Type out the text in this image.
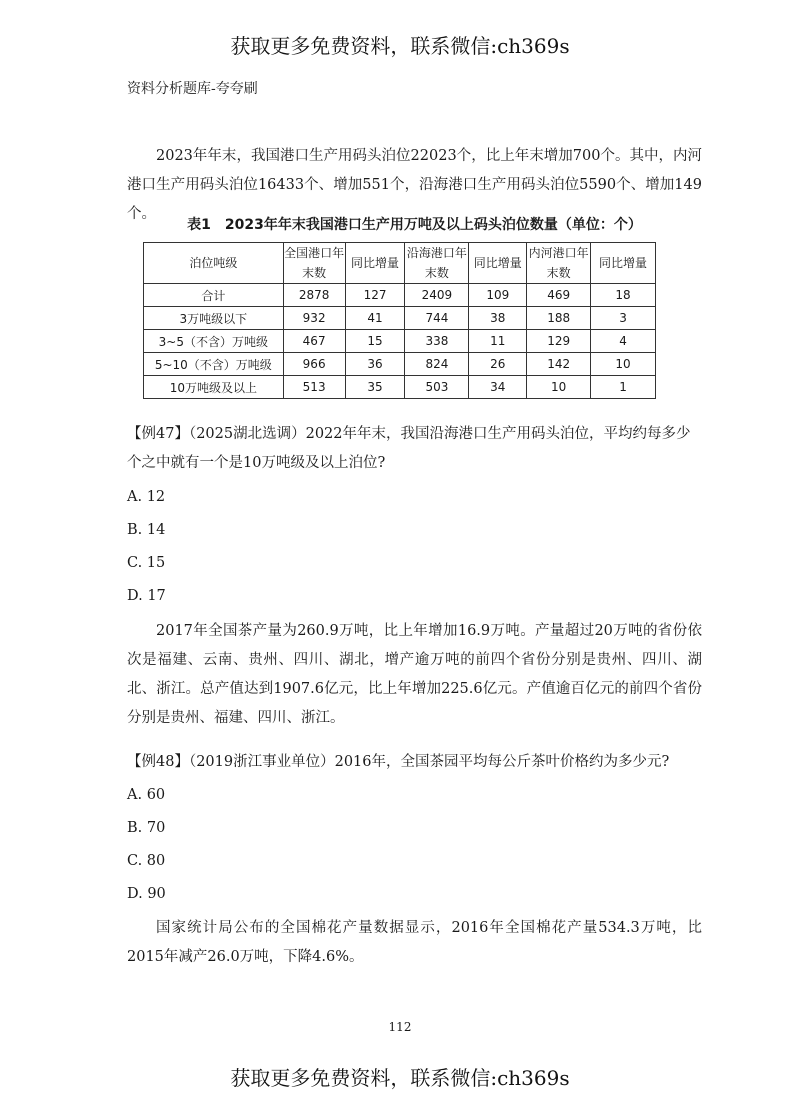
获取更多免费资料，联系微信:ch369s
资料分析题库-夸夸刷

2023年年末，我国港口生产用码头泊位22023个，比上年末增加700个。其中，内河港口生产用码头泊位16433个、增加551个，沿海港口生产用码头泊位5590个、增加149个。

表1　2023年年末我国港口生产用万吨及以上码头泊位数量（单位：个）
泊位吨级	全国港口年末数	同比增量	沿海港口年末数	同比增量	内河港口年末数	同比增量
合计	2878	127	2409	109	469	18
3万吨级以下	932	41	744	38	188	3
3~5（不含）万吨级	467	15	338	11	129	4
5~10（不含）万吨级	966	36	824	26	142	10
10万吨级及以上	513	35	503	34	10	1

【例47】（2025湖北选调）2022年年末，我国沿海港口生产用码头泊位，平均约每多少个之中就有一个是10万吨级及以上泊位?

A. 12
B. 14
C. 15
D. 17

2017年全国茶产量为260.9万吨，比上年增加16.9万吨。产量超过20万吨的省份依次是福建、云南、贵州、四川、湖北，增产逾万吨的前四个省份分别是贵州、四川、湖北、浙江。总产值达到1907.6亿元，比上年增加225.6亿元。产值逾百亿元的前四个省份分别是贵州、福建、四川、浙江。

【例48】（2019浙江事业单位）2016年，全国茶园平均每公斤茶叶价格约为多少元?

A. 60
B. 70
C. 80
D. 90

国家统计局公布的全国棉花产量数据显示，2016年全国棉花产量534.3万吨，比2015年减产26.0万吨，下降4.6%。

112
获取更多免费资料，联系微信:ch369s
